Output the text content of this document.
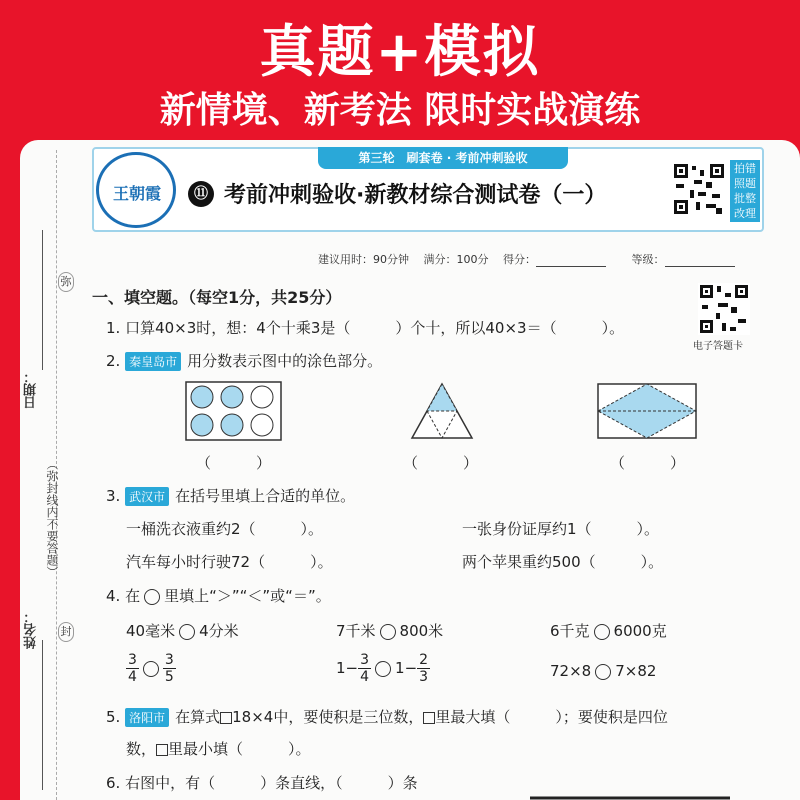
真题+模拟
新情境、新考法 限时实战演练
弥
日期：
（弥封线内不要答题）
封
姓名：
王朝霞
第三轮　刷套卷 · 考前冲刺验收
⑪ 考前冲刺验收·新教材综合测试卷（一）
拍错照题批整改理
建议用时：90分钟　 满分：100分　 得分：　　	等级：
电子答题卡
一、填空题。（每空1分，共25分）
1. 口算40×3时，想：4个十乘3是（　　　）个十，所以40×3＝（　　　）。
2. 秦皇岛市 用分数表示图中的涂色部分。
（　　　）	（　　　）	（　　　）
3. 武汉市 在括号里填上合适的单位。
一桶洗衣液重约2（　　　）。	一张身份证厚约1（　　　）。
汽车每小时行驶72（　　　）。	两个苹果重约500（　　　）。
4. 在 里填上“＞”“＜”或“＝”。
40毫米 4分米	7千米 800米	6千克 6000克
$\frac{3}{4} \frac{3}{5}$	$1- \frac{3}{4} 1- \frac{2}{3}$	72×8 7×82
5. 洛阳市 在算式 18×4中，要使积是三位数， 里最大填（　　　）；要使积是四位
数， 里最小填（　　　）。
6. 右图中，有（　　　）条直线，（　　　）条
